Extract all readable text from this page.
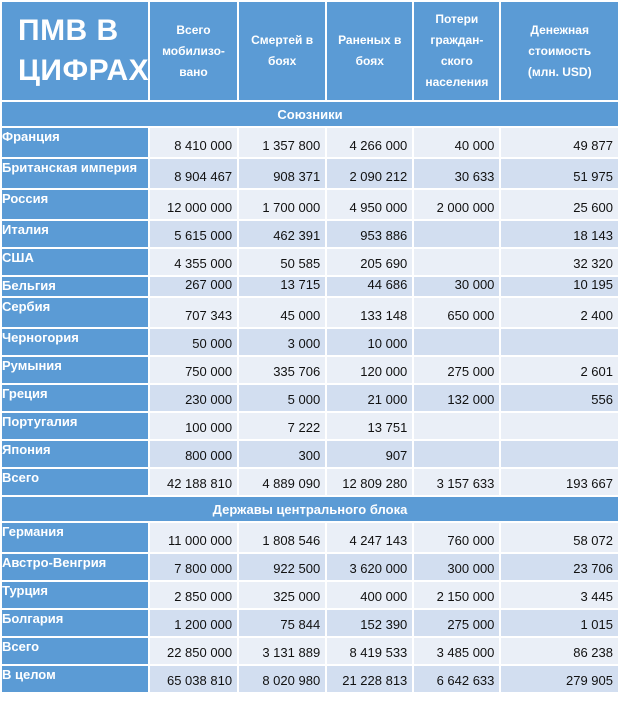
ПМВ В
ЦИФРАХ	Всего
мобилизо-
вано	Смертей в
боях	Раненых в
боях	Потери
граждан-
ского
населения	Денежная
стоимость
(млн. USD)

Союзники					
Франция	8 410 000	1 357 800	4 266 000	40 000	49 877
Британская империя	8 904 467	908 371	2 090 212	30 633	51 975
Россия	12 000 000	1 700 000	4 950 000	2 000 000	25 600
Италия	5 615 000	462 391	953 886		18 143
США	4 355 000	50 585	205 690		32 320
Бельгия	267 000	13 715	44 686	30 000	10 195
Сербия	707 343	45 000	133 148	650 000	2 400
Черногория	50 000	3 000	10 000		
Румыния	750 000	335 706	120 000	275 000	2 601
Греция	230 000	5 000	21 000	132 000	556
Португалия	100 000	7 222	13 751		
Япония	800 000	300	907		
Всего	42 188 810	4 889 090	12 809 280	3 157 633	193 667
Державы центрального блока					
Германия	11 000 000	1 808 546	4 247 143	760 000	58 072
Австро-Венгрия	7 800 000	922 500	3 620 000	300 000	23 706
Турция	2 850 000	325 000	400 000	2 150 000	3 445
Болгария	1 200 000	75 844	152 390	275 000	1 015
Всего	22 850 000	3 131 889	8 419 533	3 485 000	86 238
В целом	65 038 810	8 020 980	21 228 813	6 642 633	279 905
